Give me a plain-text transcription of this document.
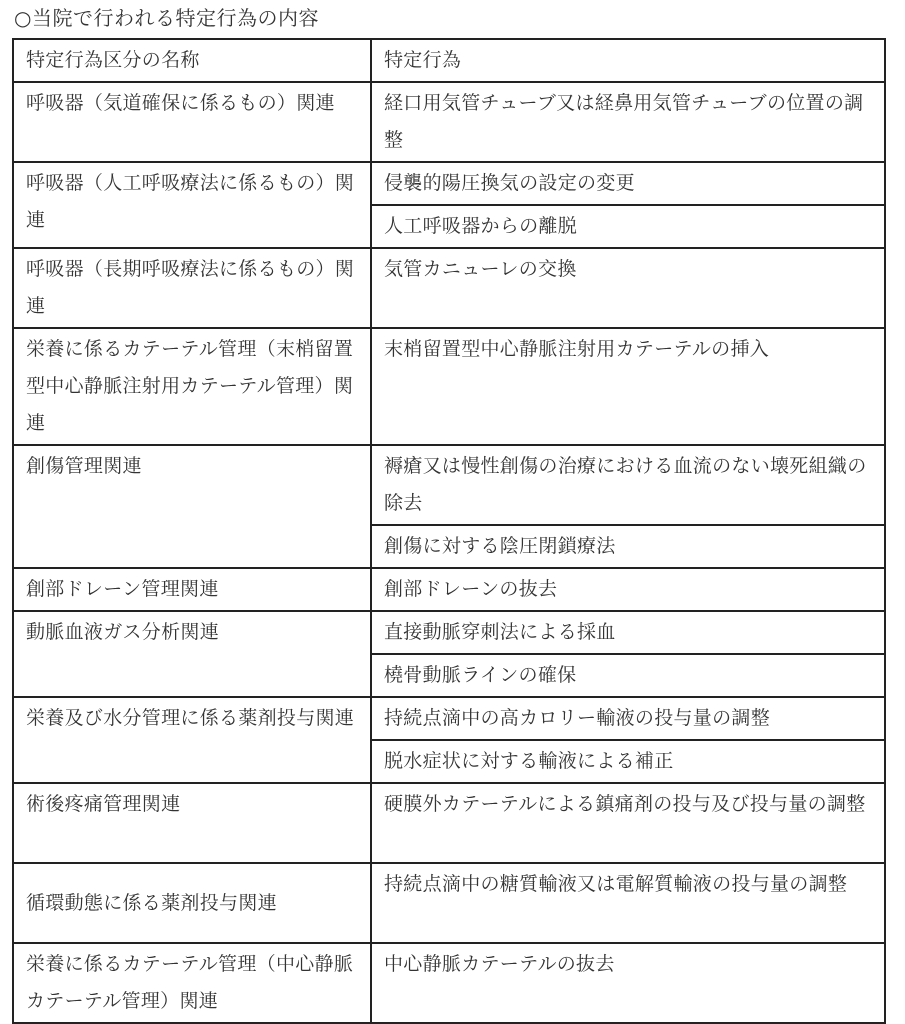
○当院で行われる特定行為の内容
特定行為区分の名称	特定行為
呼吸器（気道確保に係るもの）関連	経口用気管チューブ又は経鼻用気管チューブの位置の調整
呼吸器（人工呼吸療法に係るもの）関連	侵襲的陽圧換気の設定の変更
	人工呼吸器からの離脱
呼吸器（長期呼吸療法に係るもの）関連	気管カニューレの交換
栄養に係るカテーテル管理（末梢留置型中心静脈注射用カテーテル管理）関連	末梢留置型中心静脈注射用カテーテルの挿入
創傷管理関連	褥瘡又は慢性創傷の治療における血流のない壊死組織の除去
	創傷に対する陰圧閉鎖療法
創部ドレーン管理関連	創部ドレーンの抜去
動脈血液ガス分析関連	直接動脈穿刺法による採血
	橈骨動脈ラインの確保
栄養及び水分管理に係る薬剤投与関連	持続点滴中の高カロリー輸液の投与量の調整
	脱水症状に対する輸液による補正
術後疼痛管理関連	硬膜外カテーテルによる鎮痛剤の投与及び投与量の調整
循環動態に係る薬剤投与関連	持続点滴中の糖質輸液又は電解質輸液の投与量の調整
栄養に係るカテーテル管理（中心静脈カテーテル管理）関連	中心静脈カテーテルの抜去
